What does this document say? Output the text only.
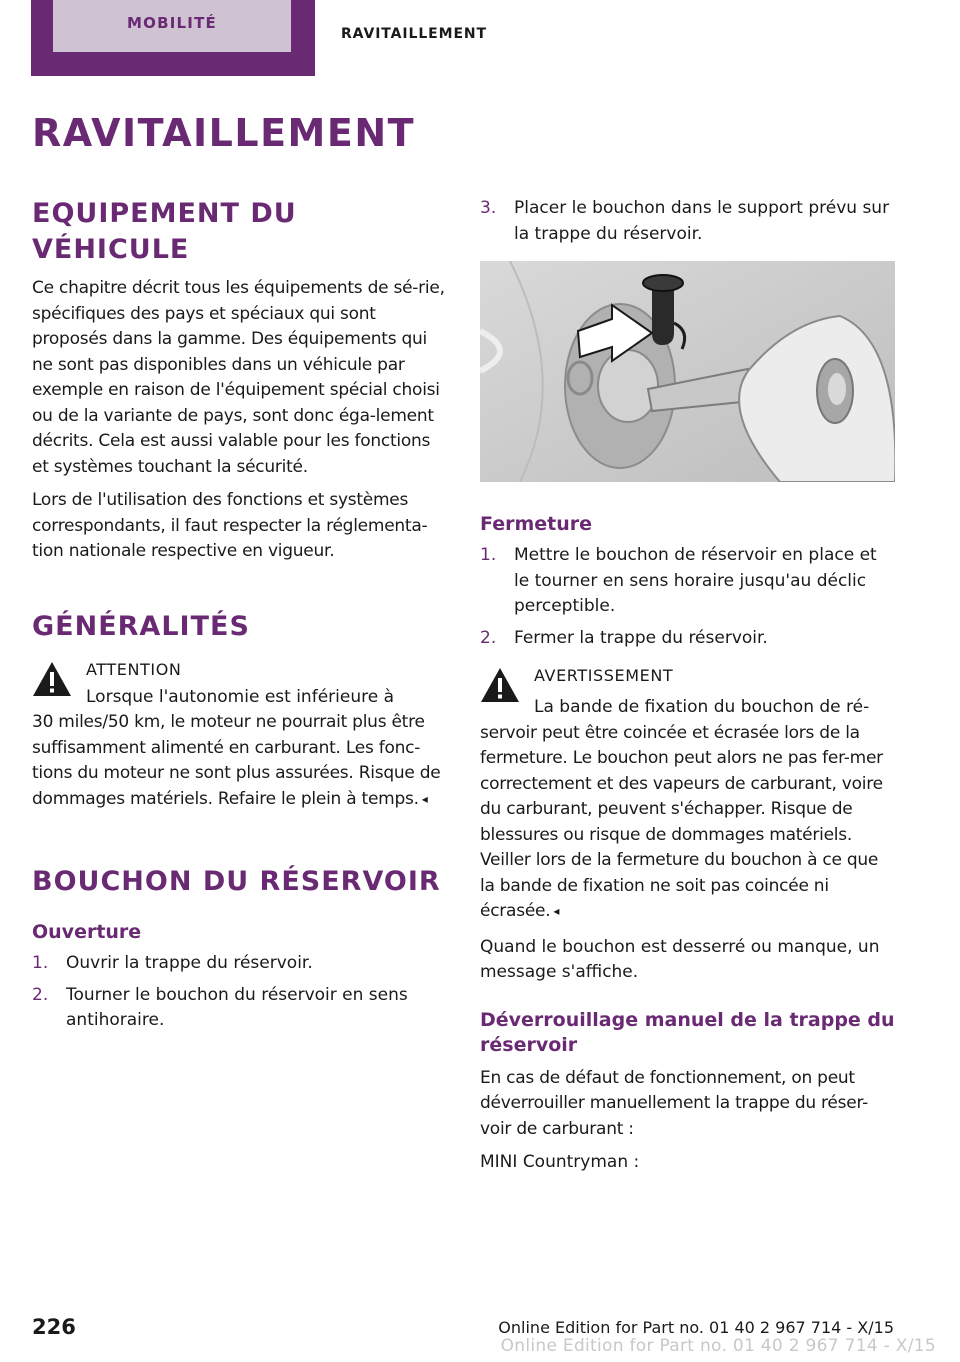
MOBILITÉ
RAVITAILLEMENT
RAVITAILLEMENT
EQUIPEMENT DU VÉHICULE

Ce chapitre décrit tous les équipements de sé-rie, spécifiques des pays et spéciaux qui sont proposés dans la gamme. Des équipements qui ne sont pas disponibles dans un véhicule par exemple en raison de l'équipement spécial choisi ou de la variante de pays, sont donc éga-lement décrits. Cela est aussi valable pour les fonctions et systèmes touchant la sécurité.

Lors de l'utilisation des fonctions et systèmes correspondants, il faut respecter la réglementa-tion nationale respective en vigueur.

GÉNÉRALITÉS
ATTENTION
Lorsque l'autonomie est inférieure à
30 miles/50 km, le moteur ne pourrait plus être suffisamment alimenté en carburant. Les fonc-tions du moteur ne sont plus assurées. Risque de dommages matériels. Refaire le plein à temps. ◂
BOUCHON DU RÉSERVOIR
Ouverture
1.	Ouvrir la trappe du réservoir.
2.	Tourner le bouchon du réservoir en sens antihoraire.
3.	Placer le bouchon dans le support prévu sur la trappe du réservoir.
Fermeture
1.	Mettre le bouchon de réservoir en place et le tourner en sens horaire jusqu'au déclic perceptible.
2.	Fermer la trappe du réservoir.
AVERTISSEMENT
La bande de fixation du bouchon de ré-
servoir peut être coincée et écrasée lors de la fermeture. Le bouchon peut alors ne pas fer-mer correctement et des vapeurs de carburant, voire du carburant, peuvent s'échapper. Risque de blessures ou risque de dommages matériels. Veiller lors de la fermeture du bouchon à ce que la bande de fixation ne soit pas coincée ni écrasée. ◂

Quand le bouchon est desserré ou manque, un message s'affiche.

Déverrouillage manuel de la trappe du réservoir

En cas de défaut de fonctionnement, on peut déverrouiller manuellement la trappe du réser-voir de carburant :

MINI Countryman :

226	Online Edition for Part no. 01 40 2 967 714 - X/15
Online Edition for Part no. 01 40 2 967 714 - X/15
